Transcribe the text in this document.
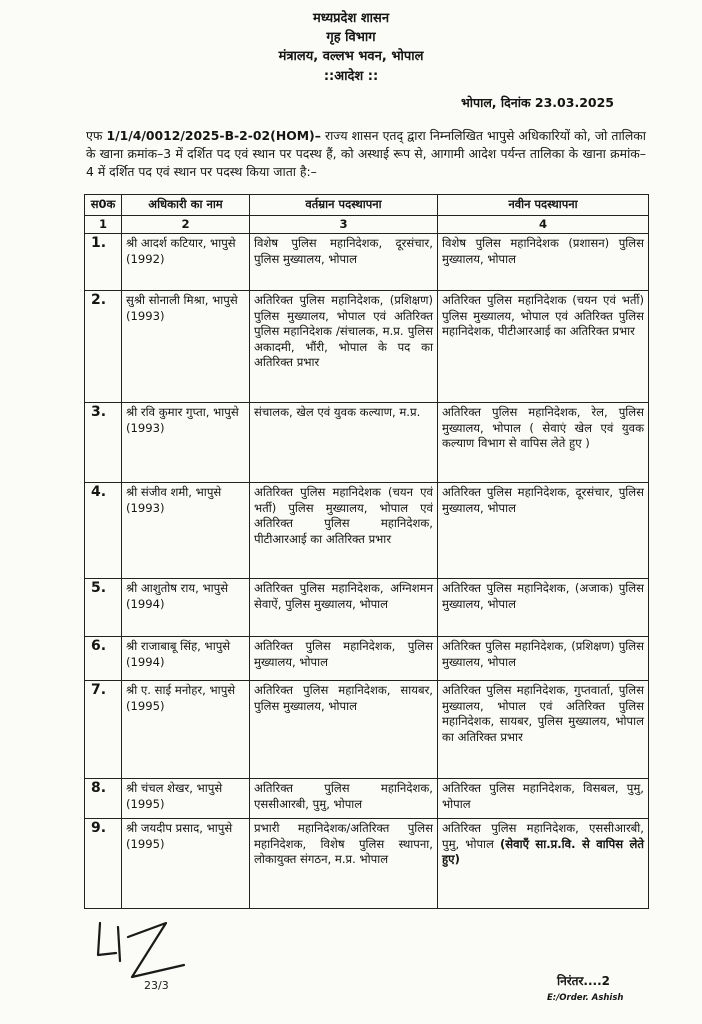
मध्यप्रदेश शासन
गृह विभाग
मंत्रालय, वल्लभ भवन, भोपाल
::आदेश ::
भोपाल, दिनांक 23.03.2025
एफ 1/1/4/0012/2025-B-2-02(HOM)– राज्य शासन एतद् द्वारा निम्नलिखित भापुसे अधिकारियों को, जो तालिका के खाना क्रमांक–3 में दर्शित पद एवं स्थान पर पदस्थ हैं, को अस्थाई रूप से, आगामी आदेश पर्यन्त तालिका के खाना क्रमांक–4 में दर्शित पद एवं स्थान पर पदस्थ किया जाता है:–
स0क	अधिकारी का नाम	वर्तम्रान पदस्थापना	नवीन पदस्थापना
1	2	3	4
1.	श्री आदर्श कटियार, भापुसे (1992)	विशेष पुलिस महानिदेशक, दूरसंचार, पुलिस मुख्यालय, भोपाल	विशेष पुलिस महानिदेशक (प्रशासन) पुलिस मुख्यालय, भोपाल
2.	सुश्री सोनाली मिश्रा, भापुसे (1993)	अतिरिक्त पुलिस महानिदेशक, (प्रशिक्षण) पुलिस मुख्यालय, भोपाल एवं अतिरिक्त पुलिस महानिदेशक /संचालक, म.प्र. पुलिस अकादमी, भौंरी, भोपाल के पद का अतिरिक्त प्रभार	अतिरिक्त पुलिस महानिदेशक (चयन एवं भर्ती) पुलिस मुख्यालय, भोपाल एवं अतिरिक्त पुलिस महानिदेशक, पीटीआरआई का अतिरिक्त प्रभार
3.	श्री रवि कुमार गुप्ता, भापुसे (1993)	संचालक, खेल एवं युवक कल्याण, म.प्र.	अतिरिक्त पुलिस महानिदेशक, रेल, पुलिस मुख्यालय, भोपाल ( सेवाएं खेल एवं युवक कल्याण विभाग से वापिस लेते हुए )
4.	श्री संजीव शमी, भापुसे (1993)	अतिरिक्त पुलिस महानिदेशक (चयन एवं भर्ती) पुलिस मुख्यालय, भोपाल एवं अतिरिक्त पुलिस महानिदेशक, पीटीआरआई का अतिरिक्त प्रभार	अतिरिक्त पुलिस महानिदेशक, दूरसंचार, पुलिस मुख्यालय, भोपाल
5.	श्री आशुतोष राय, भापुसे (1994)	अतिरिक्त पुलिस महानिदेशक, अग्निशमन सेवाऐं, पुलिस मुख्यालय, भोपाल	अतिरिक्त पुलिस महानिदेशक, (अजाक) पुलिस मुख्यालय, भोपाल
6.	श्री राजाबाबू सिंह, भापुसे (1994)	अतिरिक्त पुलिस महानिदेशक, पुलिस मुख्यालय, भोपाल	अतिरिक्त पुलिस महानिदेशक, (प्रशिक्षण) पुलिस मुख्यालय, भोपाल
7.	श्री ए. साई मनोहर, भापुसे (1995)	अतिरिक्त पुलिस महानिदेशक, सायबर, पुलिस मुख्यालय, भोपाल	अतिरिक्त पुलिस महानिदेशक, गुप्तवार्ता, पुलिस मुख्यालय, भोपाल एवं अतिरिक्त पुलिस महानिदेशक, सायबर, पुलिस मुख्यालय, भोपाल का अतिरिक्त प्रभार
8.	श्री चंचल शेखर, भापुसे (1995)	अतिरिक्त पुलिस महानिदेशक, एससीआरबी, पुमु, भोपाल	अतिरिक्त पुलिस महानिदेशक, विसबल, पुमु, भोपाल
9.	श्री जयदीप प्रसाद, भापुसे (1995)	प्रभारी महानिदेशक/अतिरिक्त पुलिस महानिदेशक, विशेष पुलिस स्थापना, लोकायुक्त संगठन, म.प्र. भोपाल	अतिरिक्त पुलिस महानिदेशक, एससीआरबी, पुमु, भोपाल (सेवाएँ सा.प्र.वि. से वापिस लेते हुए)
23/3	निरंतर....2
E:/Order. Ashish
